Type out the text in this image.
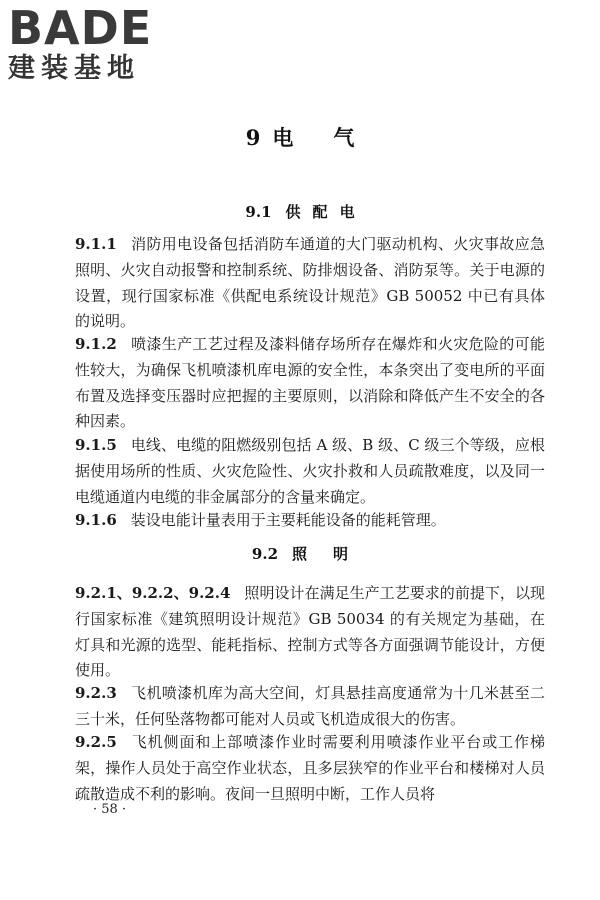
BADE
建装基地
9 电 气
9.1 供 配 电
9.1.1 消防用电设备包括消防车通道的大门驱动机构、火灾事故应急照明、火灾自动报警和控制系统、防排烟设备、消防泵等。关于电源的设置，现行国家标准《供配电系统设计规范》GB 50052 中已有具体的说明。
9.1.2 喷漆生产工艺过程及漆料储存场所存在爆炸和火灾危险的可能性较大，为确保飞机喷漆机库电源的安全性，本条突出了变电所的平面布置及选择变压器时应把握的主要原则，以消除和降低产生不安全的各种因素。
9.1.5 电线、电缆的阻燃级别包括 A 级、B 级、C 级三个等级，应根据使用场所的性质、火灾危险性、火灾扑救和人员疏散难度，以及同一电缆通道内电缆的非金属部分的含量来确定。
9.1.6 装设电能计量表用于主要耗能设备的能耗管理。
9.2 照 明
9.2.1、9.2.2、9.2.4 照明设计在满足生产工艺要求的前提下，以现行国家标准《建筑照明设计规范》GB 50034 的有关规定为基础，在灯具和光源的选型、能耗指标、控制方式等各方面强调节能设计，方便使用。
9.2.3 飞机喷漆机库为高大空间，灯具悬挂高度通常为十几米甚至二三十米，任何坠落物都可能对人员或飞机造成很大的伤害。
9.2.5 飞机侧面和上部喷漆作业时需要利用喷漆作业平台或工作梯架，操作人员处于高空作业状态，且多层狭窄的作业平台和楼梯对人员疏散造成不利的影响。夜间一旦照明中断，工作人员将
· 58 ·
